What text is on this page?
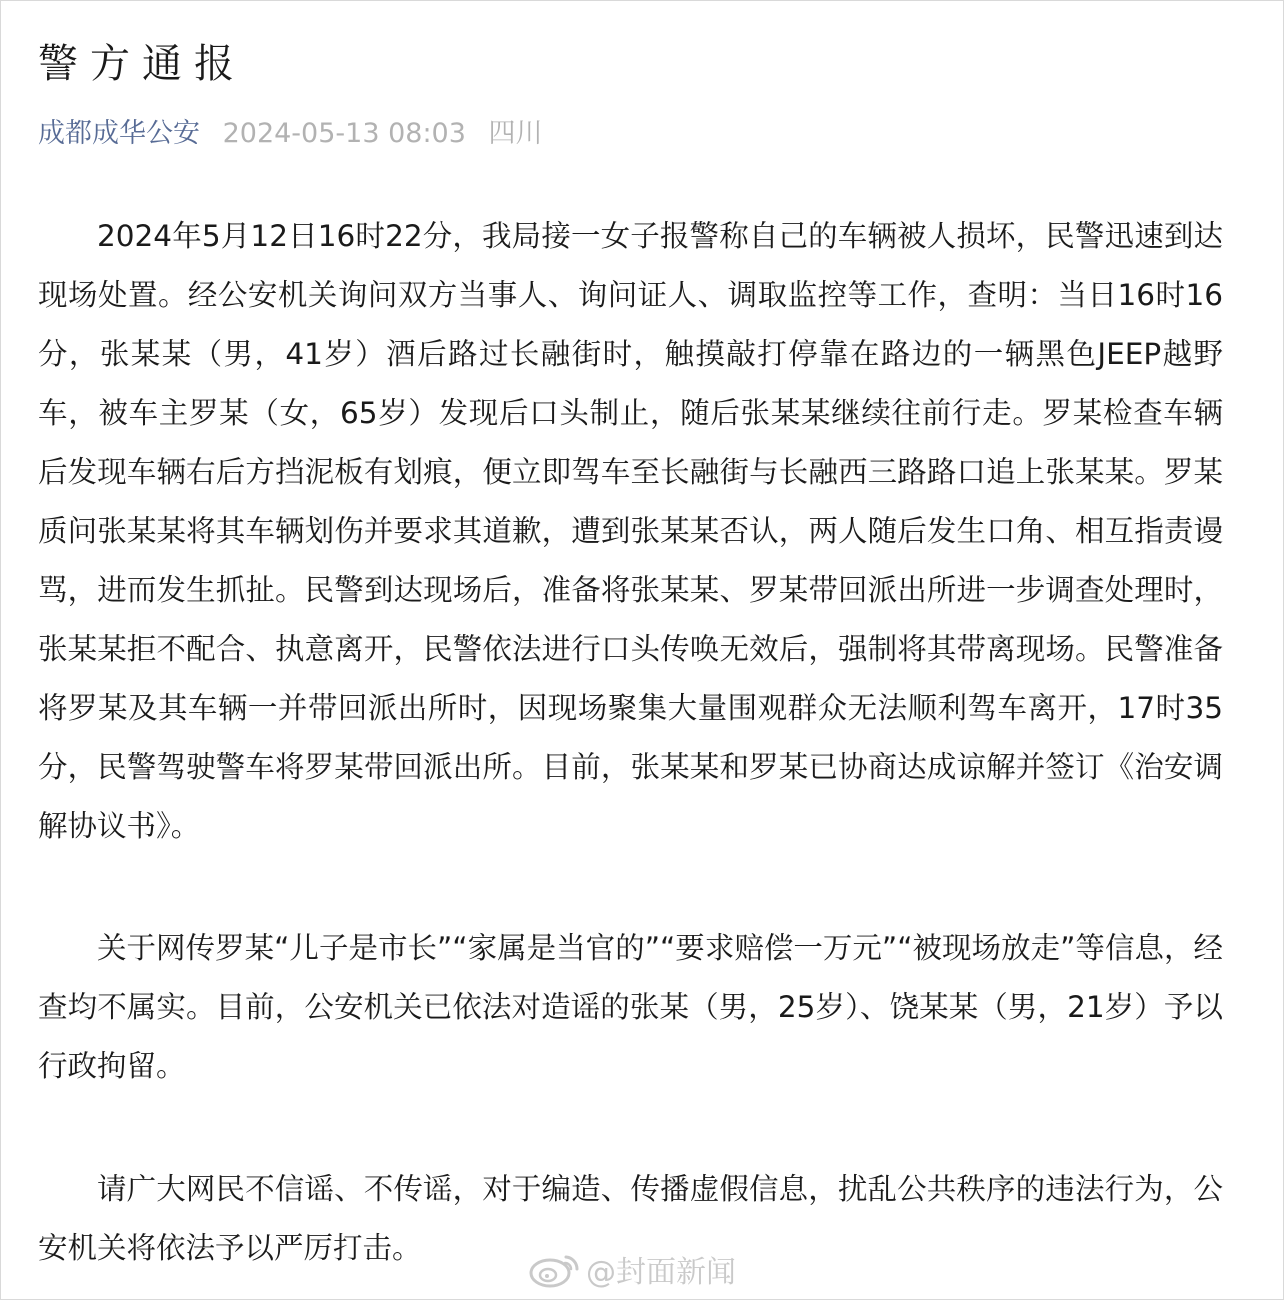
警方通报
成都成华公安 2024-05-13 08:03 四川

2024年5月12日16时22分，我局接一女子报警称自己的车辆被人损坏，民警迅速到达现场处置。经公安机关询问双方当事人、询问证人、调取监控等工作，查明：当日16时16分，张某某（男，41岁）酒后路过长融街时，触摸敲打停靠在路边的一辆黑色JEEP越野车，被车主罗某（女，65岁）发现后口头制止，随后张某某继续往前行走。罗某检查车辆后发现车辆右后方挡泥板有划痕，便立即驾车至长融街与长融西三路路口追上张某某。罗某质问张某某将其车辆划伤并要求其道歉，遭到张某某否认，两人随后发生口角、相互指责谩骂，进而发生抓扯。民警到达现场后，准备将张某某、罗某带回派出所进一步调查处理时，张某某拒不配合、执意离开，民警依法进行口头传唤无效后，强制将其带离现场。民警准备将罗某及其车辆一并带回派出所时，因现场聚集大量围观群众无法顺利驾车离开，17时35分，民警驾驶警车将罗某带回派出所。目前，张某某和罗某已协商达成谅解并签订《治安调解协议书》。

关于网传罗某“儿子是市长”“家属是当官的”“要求赔偿一万元”“被现场放走”等信息，经查均不属实。目前，公安机关已依法对造谣的张某（男，25岁）、饶某某（男，21岁）予以行政拘留。

请广大网民不信谣、不传谣，对于编造、传播虚假信息，扰乱公共秩序的违法行为，公安机关将依法予以严厉打击。

@封面新闻
